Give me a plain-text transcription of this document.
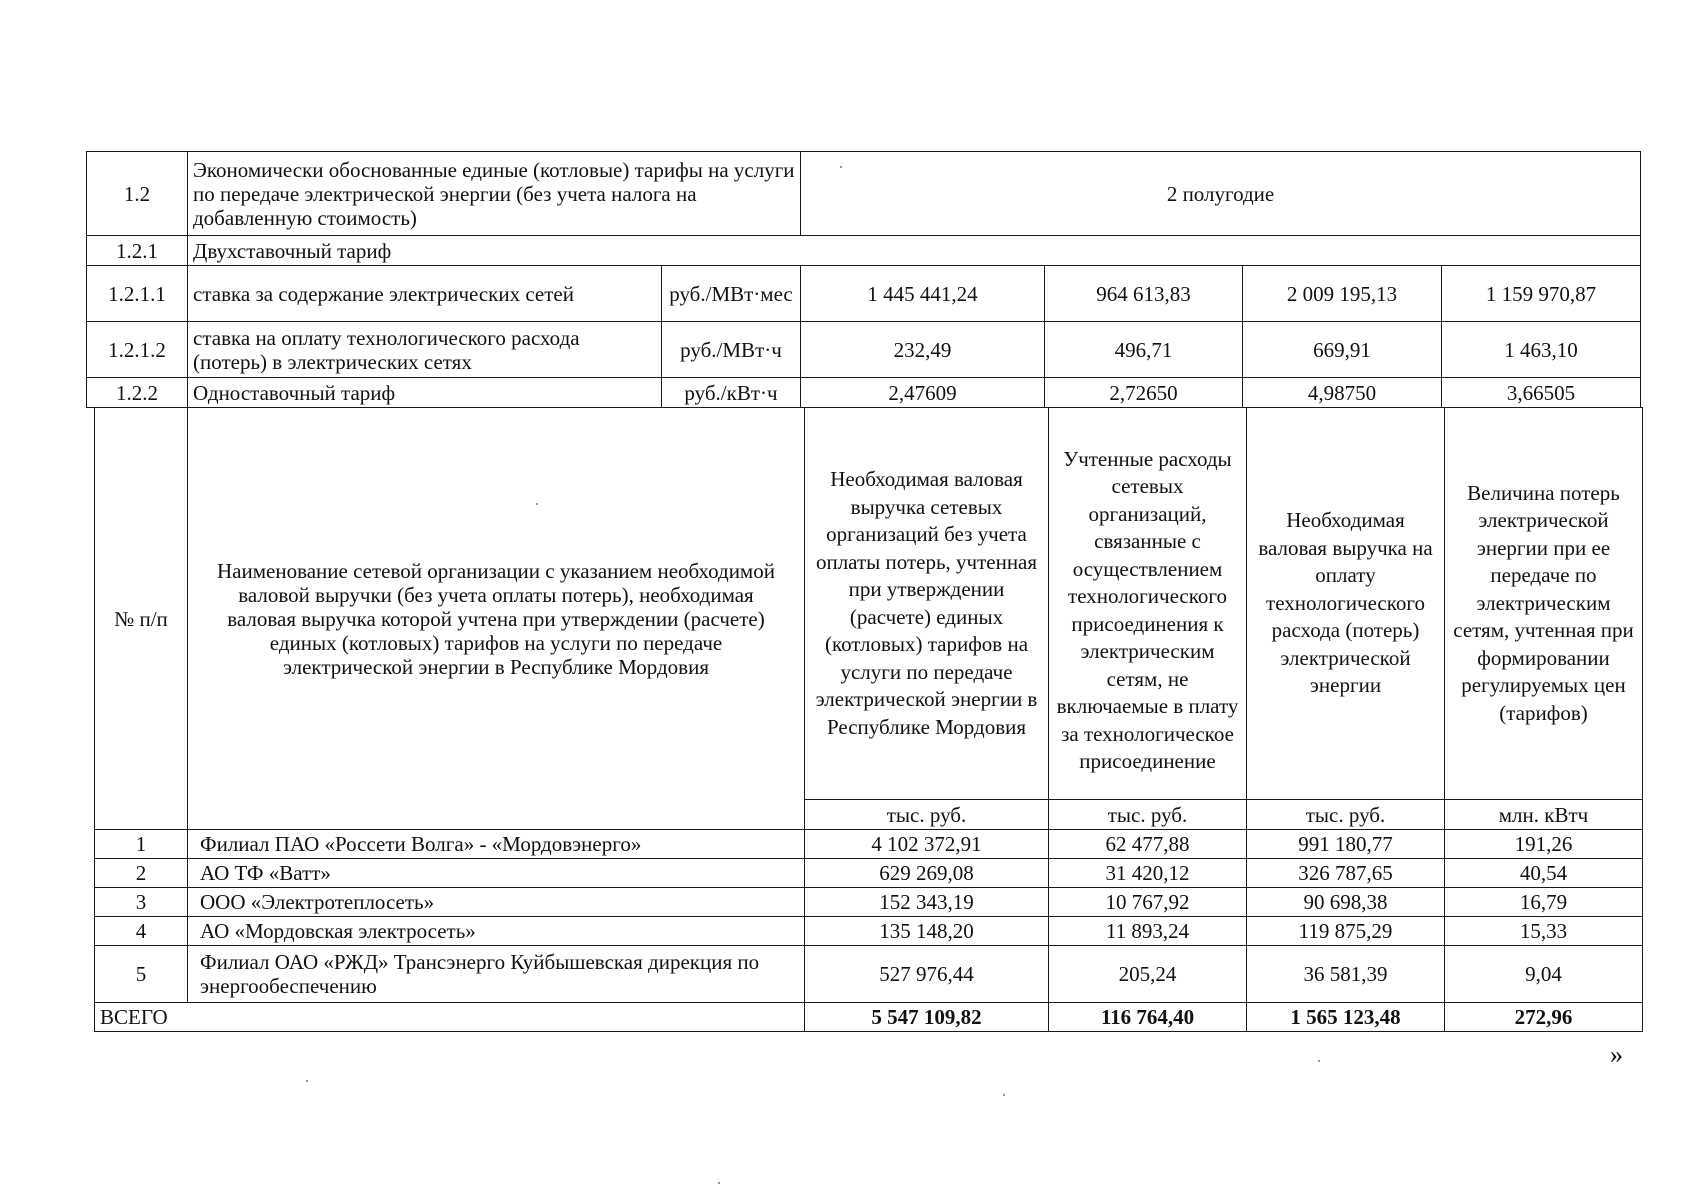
1.2	Экономически обоснованные единые (котловые) тарифы на услуги по передаче электрической энергии (без учета налога на добавленную стоимость)		2 полугодие			
1.2.1	Двухставочный тариф					
1.2.1.1	ставка за содержание электрических сетей	руб./МВт·мес	1 445 441,24	964 613,83	2 009 195,13	1 159 970,87
1.2.1.2	ставка на оплату технологического расхода (потерь) в электрических сетях	руб./МВт·ч	232,49	496,71	669,91	1 463,10
1.2.2	Одноставочный тариф	руб./кВт·ч	2,47609	2,72650	4,98750	3,66505
№ п/п	Наименование сетевой организации с указанием необходимой валовой выручки (без учета оплаты потерь), необходимая валовая выручка которой учтена при утверждении (расчете) единых (котловых) тарифов на услуги по передаче электрической энергии в Республике Мордовия	Необходимая валовая выручка сетевых организаций без учета оплаты потерь, учтенная при утверждении (расчете) единых (котловых) тарифов на услуги по передаче электрической энергии в Республике Мордовия	Учтенные расходы сетевых организаций, связанные с осуществлением технологического присоединения к электрическим сетям, не включаемые в плату за технологическое присоединение	Необходимая валовая выручка на оплату технологического расхода (потерь) электрической энергии	Величина потерь электрической энергии при ее передаче по электрическим сетям, учтенная при формировании регулируемых цен (тарифов)
		тыс. руб.	тыс. руб.	тыс. руб.	млн. кВтч
1	Филиал ПАО «Россети Волга» - «Мордовэнерго»	4 102 372,91	62 477,88	991 180,77	191,26
2	АО ТФ «Ватт»	629 269,08	31 420,12	326 787,65	40,54
3	ООО «Электротеплосеть»	152 343,19	10 767,92	90 698,38	16,79
4	АО «Мордовская электросеть»	135 148,20	11 893,24	119 875,29	15,33
5	Филиал ОАО «РЖД» Трансэнерго Куйбышевская дирекция по энергообеспечению	527 976,44	205,24	36 581,39	9,04
ВСЕГО		5 547 109,82	116 764,40	1 565 123,48	272,96
»
